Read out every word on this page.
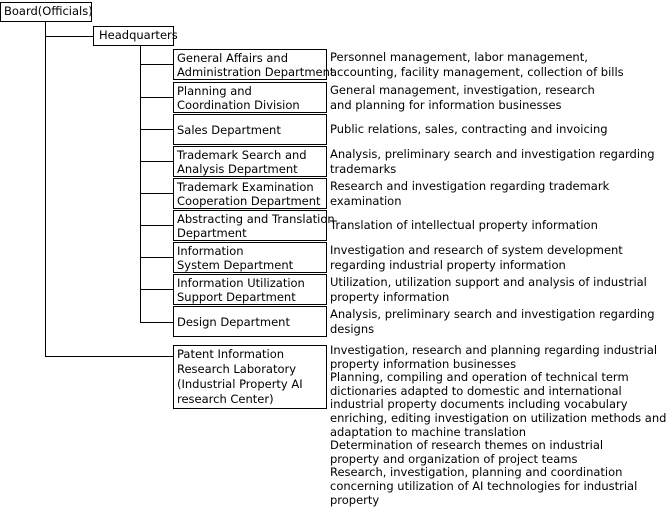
Board(Officials)
Headquarters
General Affairs and
Administration Department
Personnel management, labor management,
accounting, facility management, collection of bills
Planning and
Coordination Division
General management, investigation, research
and planning for information businesses
Sales Department	Public relations, sales, contracting and invoicing
Trademark Search and
Analysis Department
Analysis, preliminary search and investigation regarding
trademarks
Trademark Examination
Cooperation Department
Research and investigation regarding trademark
examination
Abstracting and Translation
Department
Translation of intellectual property information
Information
System Department
Investigation and research of system development
regarding industrial property information
Information Utilization
Support Department
Utilization, utilization support and analysis of industrial
property information
Design Department
Analysis, preliminary search and investigation regarding
designs
Patent Information
Research Laboratory
(Industrial Property AI
research Center)
Investigation, research and planning regarding industrial
property information businesses
Planning, compiling and operation of technical term
dictionaries adapted to domestic and international
industrial property documents including vocabulary
enriching, editing investigation on utilization methods and
adaptation to machine translation
Determination of research themes on industrial
property and organization of project teams
Research, investigation, planning and coordination
concerning utilization of AI technologies for industrial
property
